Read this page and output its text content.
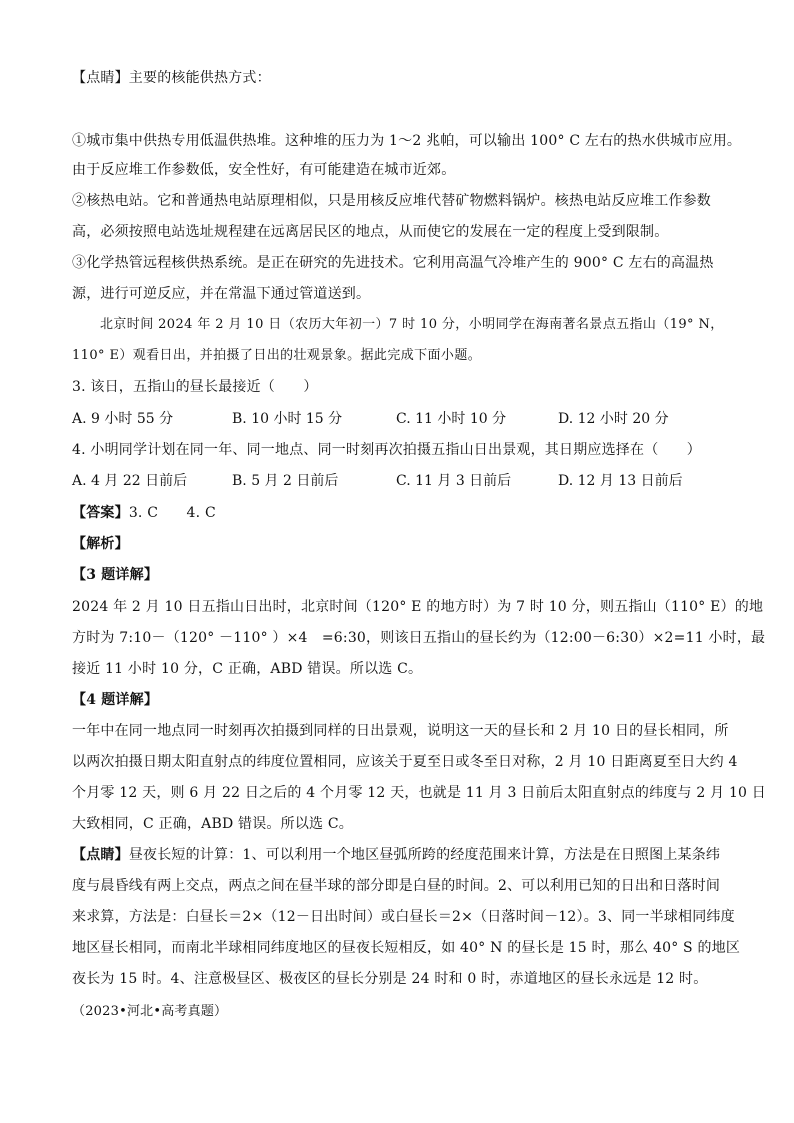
【点睛】主要的核能供热方式：
①城市集中供热专用低温供热堆。这种堆的压力为 1～2 兆帕，可以输出 100° C 左右的热水供城市应用。
由于反应堆工作参数低，安全性好，有可能建造在城市近郊。
②核热电站。它和普通热电站原理相似，只是用核反应堆代替矿物燃料锅炉。核热电站反应堆工作参数
高，必须按照电站选址规程建在远离居民区的地点，从而使它的发展在一定的程度上受到限制。
③化学热管远程核供热系统。是正在研究的先进技术。它利用高温气冷堆产生的 900° C 左右的高温热
源，进行可逆反应，并在常温下通过管道送到。
北京时间 2024 年 2 月 10 日（农历大年初一）7 时 10 分，小明同学在海南著名景点五指山（19° N，
110° E）观看日出，并拍摄了日出的壮观景象。据此完成下面小题。
3. 该日，五指山的昼长最接近（　　）
A. 9 小时 55 分	B. 10 小时 15 分	C. 11 小时 10 分	D. 12 小时 20 分
4. 小明同学计划在同一年、同一地点、同一时刻再次拍摄五指山日出景观，其日期应选择在（　　）
A. 4 月 22 日前后	B. 5 月 2 日前后	C. 11 月 3 日前后	D. 12 月 13 日前后
【答案】3. C　　4. C
【解析】
【3 题详解】
2024 年 2 月 10 日五指山日出时，北京时间（120° E 的地方时）为 7 时 10 分，则五指山（110° E）的地
方时为 7:10－（120° －110° ）×4　=6:30，则该日五指山的昼长约为（12:00－6:30）×2=11 小时，最
接近 11 小时 10 分，C 正确，ABD 错误。所以选 C。
【4 题详解】
一年中在同一地点同一时刻再次拍摄到同样的日出景观，说明这一天的昼长和 2 月 10 日的昼长相同，所
以两次拍摄日期太阳直射点的纬度位置相同，应该关于夏至日或冬至日对称，2 月 10 日距离夏至日大约 4
个月零 12 天，则 6 月 22 日之后的 4 个月零 12 天，也就是 11 月 3 日前后太阳直射点的纬度与 2 月 10 日
大致相同，C 正确，ABD 错误。所以选 C。
【点睛】昼夜长短的计算：1、可以利用一个地区昼弧所跨的经度范围来计算，方法是在日照图上某条纬
度与晨昏线有两上交点，两点之间在昼半球的部分即是白昼的时间。2、可以利用已知的日出和日落时间
来求算，方法是：白昼长＝2×（12－日出时间）或白昼长＝2×（日落时间－12）。3、同一半球相同纬度
地区昼长相同，而南北半球相同纬度地区的昼夜长短相反，如 40° N 的昼长是 15 时，那么 40° S 的地区
夜长为 15 时。4、注意极昼区、极夜区的昼长分别是 24 时和 0 时，赤道地区的昼长永远是 12 时。
（2023•河北•高考真题）
